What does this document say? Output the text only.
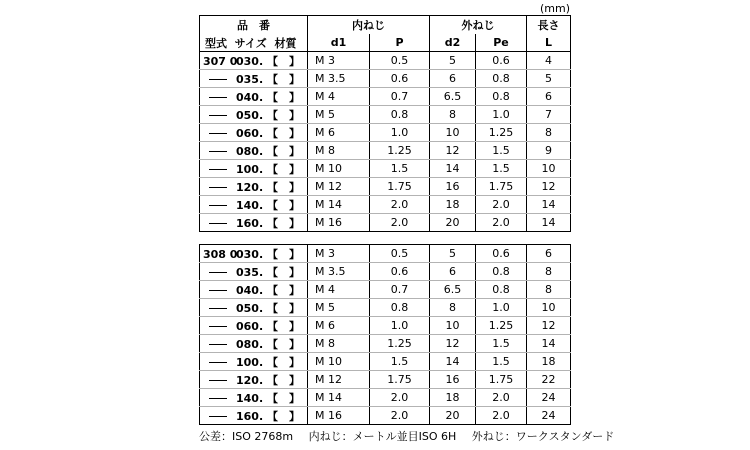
(mm)
品　番	内ねじ		外ねじ		長さ
型式 サイズ 材質	d1	P	d2	Pe	L
307 0030. 【　】	M 3	0.5	5	0.6	4
035. 【　】	M 3.5	0.6	6	0.8	5
040. 【　】	M 4	0.7	6.5	0.8	6
050. 【　】	M 5	0.8	8	1.0	7
060. 【　】	M 6	1.0	10	1.25	8
080. 【　】	M 8	1.25	12	1.5	9
100. 【　】	M 10	1.5	14	1.5	10
120. 【　】	M 12	1.75	16	1.75	12
140. 【　】	M 14	2.0	18	2.0	14
160. 【　】	M 16	2.0	20	2.0	14
308 0030. 【　】	M 3	0.5	5	0.6	6
035. 【　】	M 3.5	0.6	6	0.8	8
040. 【　】	M 4	0.7	6.5	0.8	8
050. 【　】	M 5	0.8	8	1.0	10
060. 【　】	M 6	1.0	10	1.25	12
080. 【　】	M 8	1.25	12	1.5	14
100. 【　】	M 10	1.5	14	1.5	18
120. 【　】	M 12	1.75	16	1.75	22
140. 【　】	M 14	2.0	18	2.0	24
160. 【　】	M 16	2.0	20	2.0	24
公差：ISO 2768m 内ねじ：メートル並目ISO 6H 外ねじ：ワークスタンダード
